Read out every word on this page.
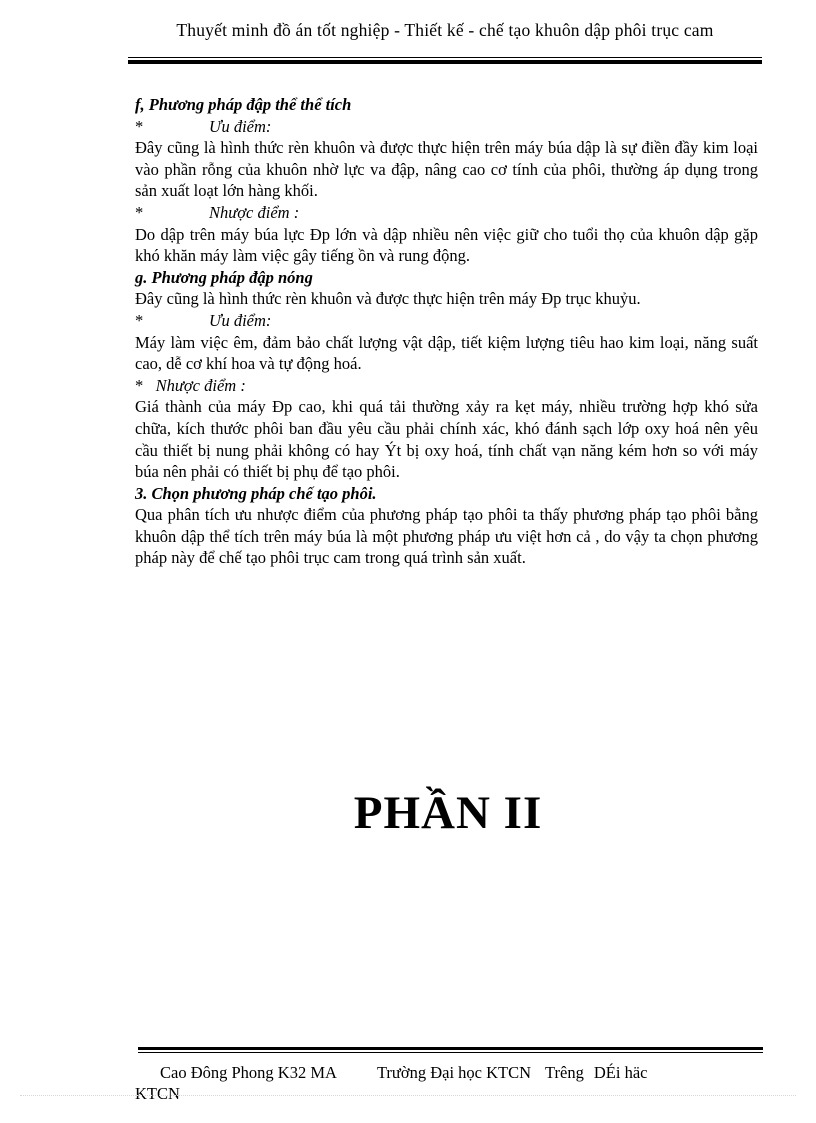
Thuyết minh đồ án tốt nghiệp - Thiết kế - chế tạo khuôn dập phôi trục cam

f, Phương pháp đập thể thể tích

*	Ưu điểm:

Đây cũng là hình thức rèn khuôn và được thực hiện trên máy búa dập là sự điền đầy kim loại vào phần rỗng của khuôn nhờ lực va đập, nâng cao cơ tính của phôi, thường áp dụng trong sản xuất loạt lớn hàng khối.

*	Nhược điểm :

Do dập trên máy búa lực Đp lớn và dập nhiều nên việc giữ cho tuổi thọ của khuôn dập gặp khó khăn máy làm việc gây tiếng ồn và rung động.

g. Phương pháp đập nóng

Đây cũng là hình thức rèn khuôn và được thực hiện trên máy Đp trục khuỷu.

*	Ưu điểm:

Máy làm việc êm, đảm bảo chất lượng vật dập, tiết kiệm lượng tiêu hao kim loại, năng suất cao, dễ cơ khí hoa và tự động hoá.

* Nhược điểm :

Giá thành của máy Đp cao, khi quá tải thường xảy ra kẹt máy, nhiều trường hợp khó sửa chữa, kích thước phôi ban đầu yêu cầu phải chính xác, khó đánh sạch lớp oxy hoá nên yêu cầu thiết bị nung phải không có hay Ýt bị oxy hoá, tính chất vạn năng kém hơn so với máy búa nên phải có thiết bị phụ để tạo phôi.

3. Chọn phương pháp chế tạo phôi.

Qua phân tích ưu nhược điểm của phương pháp tạo phôi ta thấy phương pháp tạo phôi bằng khuôn dập thể tích trên máy búa là một phương pháp ưu việt hơn cả , do vậy ta chọn phương pháp này để chế tạo phôi trục cam trong quá trình sản xuất.

PHẦN II
Cao Đông Phong K32 MA Trường Đại học KTCN Trêng DÉi häc
KTCN
